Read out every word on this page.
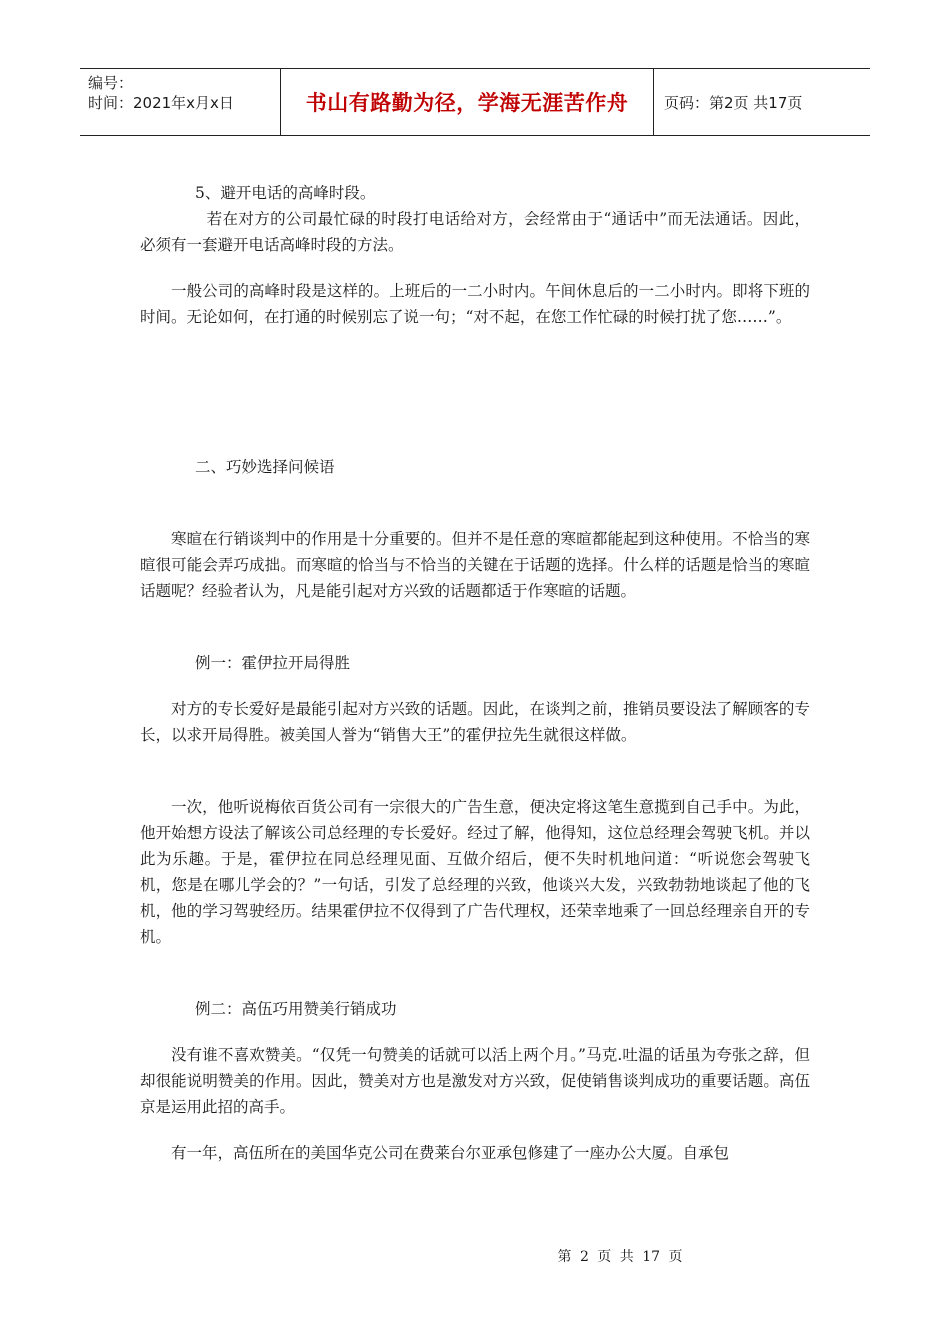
编号：
时间：2021年x月x日	书山有路勤为径，学海无涯苦作舟	页码：第2页 共17页

5、避开电话的高峰时段。

若在对方的公司最忙碌的时段打电话给对方，会经常由于“通话中”而无法通话。因此，必须有一套避开电话高峰时段的方法。

一般公司的高峰时段是这样的。上班后的一二小时内。午间休息后的一二小时内。即将下班的时间。无论如何，在打通的时候别忘了说一句；“对不起，在您工作忙碌的时候打扰了您……”。

二、巧妙选择问候语

寒暄在行销谈判中的作用是十分重要的。但并不是任意的寒暄都能起到这种使用。不恰当的寒暄很可能会弄巧成拙。而寒暄的恰当与不恰当的关键在于话题的选择。什么样的话题是恰当的寒暄话题呢？经验者认为，凡是能引起对方兴致的话题都适于作寒暄的话题。

例一：霍伊拉开局得胜

对方的专长爱好是最能引起对方兴致的话题。因此，在谈判之前，推销员要设法了解顾客的专长，以求开局得胜。被美国人誉为“销售大王”的霍伊拉先生就很这样做。

一次，他听说梅依百货公司有一宗很大的广告生意，便决定将这笔生意揽到自己手中。为此，他开始想方设法了解该公司总经理的专长爱好。经过了解，他得知，这位总经理会驾驶飞机。并以此为乐趣。于是，霍伊拉在同总经理见面、互做介绍后，便不失时机地问道：“听说您会驾驶飞机，您是在哪儿学会的？”一句话，引发了总经理的兴致，他谈兴大发，兴致勃勃地谈起了他的飞机，他的学习驾驶经历。结果霍伊拉不仅得到了广告代理权，还荣幸地乘了一回总经理亲自开的专机。

例二：高伍巧用赞美行销成功

没有谁不喜欢赞美。“仅凭一句赞美的话就可以活上两个月。”马克.吐温的话虽为夸张之辞，但却很能说明赞美的作用。因此，赞美对方也是激发对方兴致，促使销售谈判成功的重要话题。高伍京是运用此招的高手。

有一年，高伍所在的美国华克公司在费莱台尔亚承包修建了一座办公大厦。自承包

第 2 页 共 17 页
